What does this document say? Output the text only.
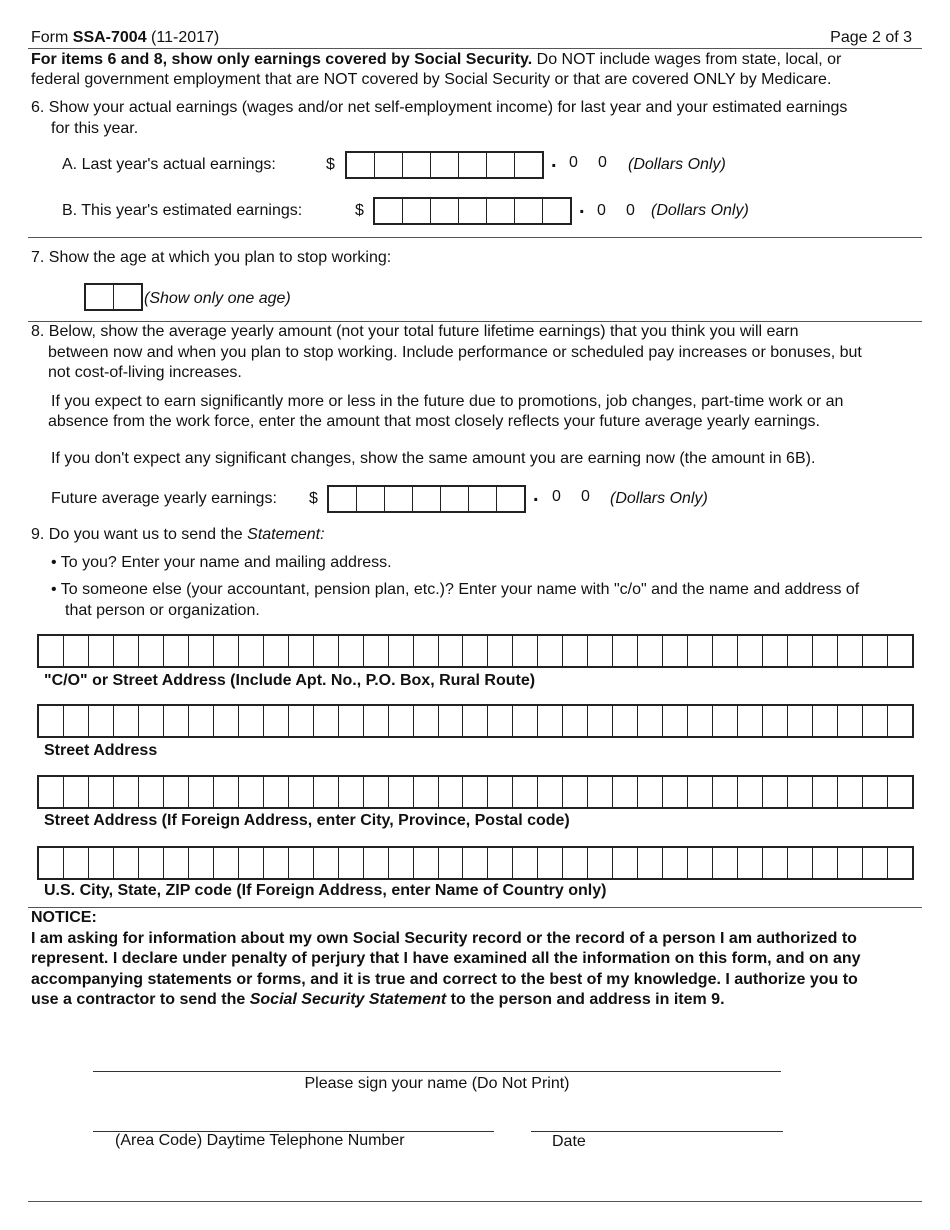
Form SSA-7004 (11-2017)	Page 2 of 3
For items 6 and 8, show only earnings covered by Social Security. Do NOT include wages from state, local, or
federal government employment that are NOT covered by Social Security or that are covered ONLY by Medicare.
6. Show your actual earnings (wages and/or net self-employment income) for last year and your estimated earnings
for this year.
A. Last year's actual earnings:	$	. 0 0 (Dollars Only)
B. This year's estimated earnings:	$	. 0 0 (Dollars Only)
7. Show the age at which you plan to stop working:
(Show only one age)
8. Below, show the average yearly amount (not your total future lifetime earnings) that you think you will earn
between now and when you plan to stop working. Include performance or scheduled pay increases or bonuses, but
not cost-of-living increases.
If you expect to earn significantly more or less in the future due to promotions, job changes, part-time work or an
absence from the work force, enter the amount that most closely reflects your future average yearly earnings.
If you don't expect any significant changes, show the same amount you are earning now (the amount in 6B).
Future average yearly earnings: $	. 0 0 (Dollars Only)
9. Do you want us to send the Statement:
• To you? Enter your name and mailing address.
• To someone else (your accountant, pension plan, etc.)? Enter your name with "c/o" and the name and address of
that person or organization.
"C/O" or Street Address (Include Apt. No., P.O. Box, Rural Route)
Street Address
Street Address (If Foreign Address, enter City, Province, Postal code)
U.S. City, State, ZIP code (If Foreign Address, enter Name of Country only)
NOTICE:
I am asking for information about my own Social Security record or the record of a person I am authorized to
represent. I declare under penalty of perjury that I have examined all the information on this form, and on any
accompanying statements or forms, and it is true and correct to the best of my knowledge. I authorize you to
use a contractor to send the Social Security Statement to the person and address in item 9.
Please sign your name (Do Not Print)
(Area Code) Daytime Telephone Number	Date
